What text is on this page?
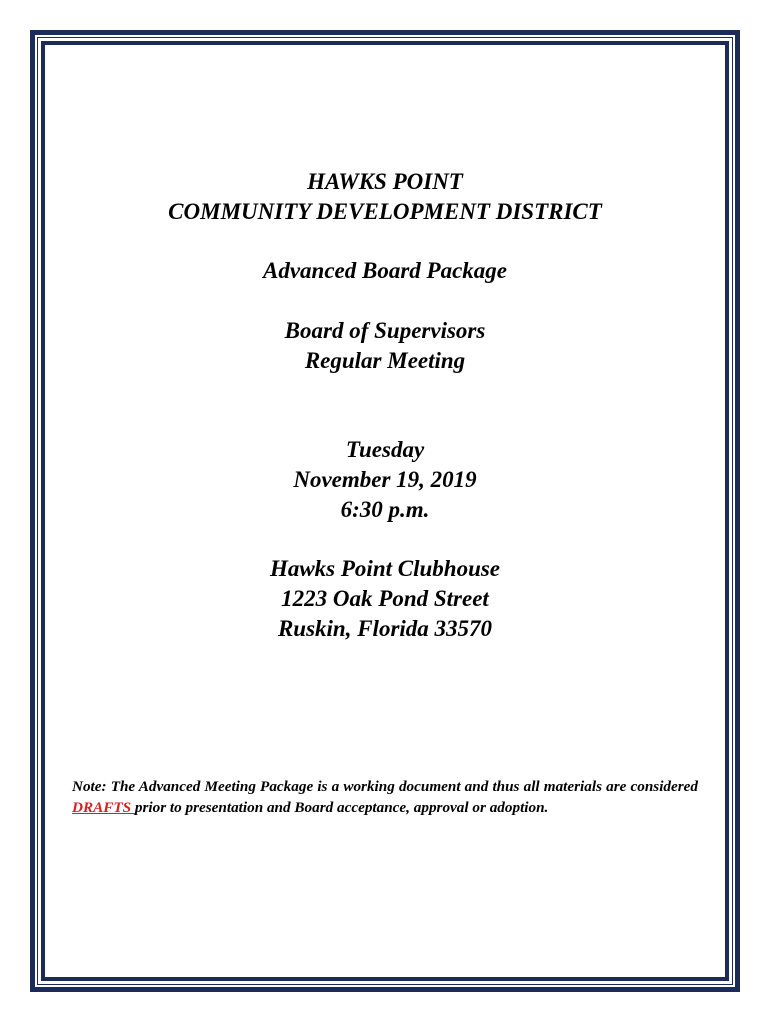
HAWKS POINT
COMMUNITY DEVELOPMENT DISTRICT
Advanced Board Package
Board of Supervisors
Regular Meeting
Tuesday
November 19, 2019
6:30 p.m.
Hawks Point Clubhouse
1223 Oak Pond Street
Ruskin, Florida 33570
Note: The Advanced Meeting Package is a working document and thus all materials are considered DRAFTS prior to presentation and Board acceptance, approval or adoption.
